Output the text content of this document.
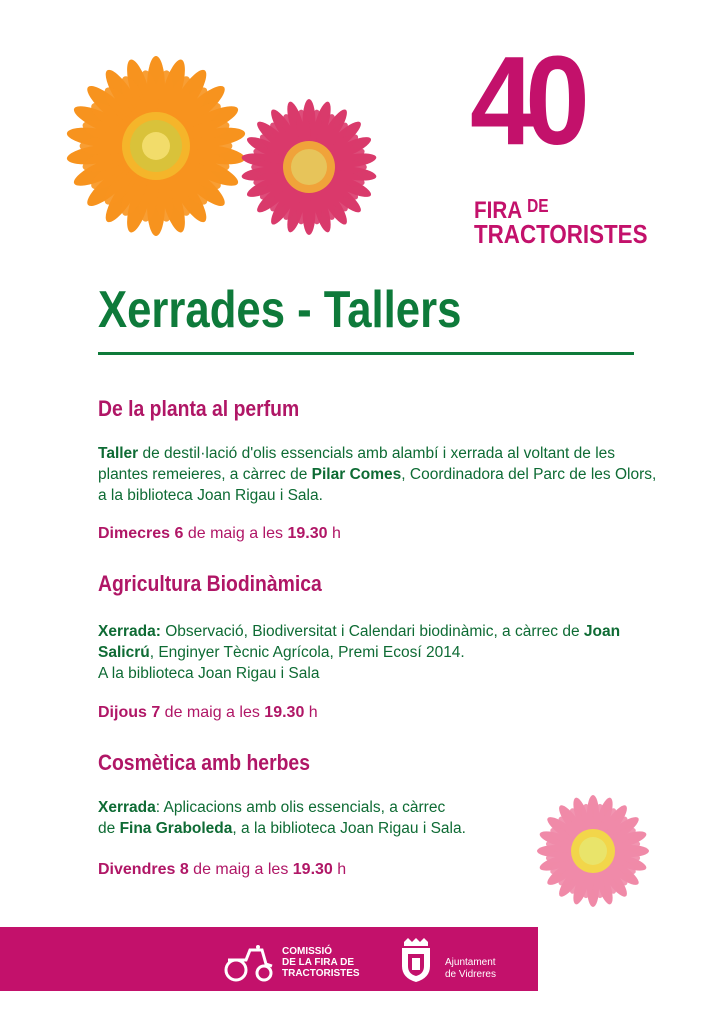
40
FIRA $^{DE}$
TRACTORISTES
Xerrades - Tallers
De la planta al perfum
Taller de destil·lació d'olis essencials amb alambí i xerrada al voltant de les plantes remeieres, a càrrec de Pilar Comes, Coordinadora del Parc de les Olors, a la biblioteca Joan Rigau i Sala.
Dimecres 6 de maig a les 19.30 h
Agricultura Biodinàmica
Xerrada: Observació, Biodiversitat i Calendari biodinàmic, a càrrec de Joan Salicrú, Enginyer Tècnic Agrícola, Premi Ecosí 2014.
A la biblioteca Joan Rigau i Sala
Dijous 7 de maig a les 19.30 h
Cosmètica amb herbes
Xerrada: Aplicacions amb olis essencials, a càrrec
de Fina Graboleda, a la biblioteca Joan Rigau i Sala.
Divendres 8 de maig a les 19.30 h
COMISSIÓ
DE LA FIRA DE
TRACTORISTES
Ajuntament
de Vidreres
